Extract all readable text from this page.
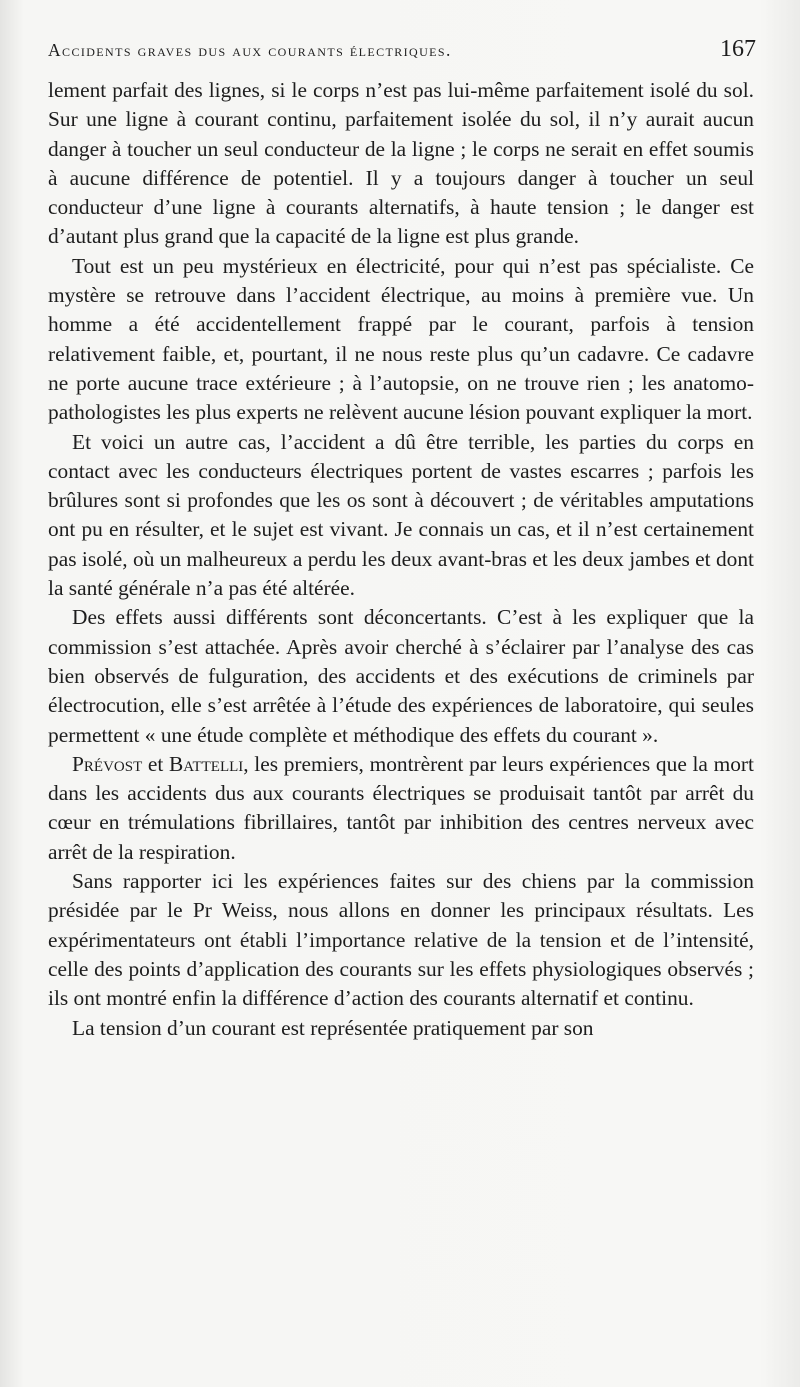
Accidents graves dus aux courants électriques.	167

lement parfait des lignes, si le corps n’est pas lui-même parfaitement isolé du sol. Sur une ligne à courant continu, parfaitement isolée du sol, il n’y aurait aucun danger à toucher un seul conducteur de la ligne ; le corps ne serait en effet soumis à aucune différence de potentiel. Il y a toujours danger à toucher un seul conducteur d’une ligne à courants alternatifs, à haute tension ; le danger est d’autant plus grand que la capacité de la ligne est plus grande.

Tout est un peu mystérieux en électricité, pour qui n’est pas spécialiste. Ce mystère se retrouve dans l’accident électrique, au moins à première vue. Un homme a été accidentellement frappé par le courant, parfois à tension relativement faible, et, pourtant, il ne nous reste plus qu’un cadavre. Ce cadavre ne porte aucune trace extérieure ; à l’autopsie, on ne trouve rien ; les anatomo-pathologistes les plus experts ne relèvent aucune lésion pouvant expliquer la mort.

Et voici un autre cas, l’accident a dû être terrible, les parties du corps en contact avec les conducteurs électriques portent de vastes escarres ; parfois les brûlures sont si profondes que les os sont à découvert ; de véritables amputations ont pu en résulter, et le sujet est vivant. Je connais un cas, et il n’est certainement pas isolé, où un malheureux a perdu les deux avant-bras et les deux jambes et dont la santé générale n’a pas été altérée.

Des effets aussi différents sont déconcertants. C’est à les expliquer que la commission s’est attachée. Après avoir cherché à s’éclairer par l’analyse des cas bien observés de fulguration, des accidents et des exécutions de criminels par électrocution, elle s’est arrêtée à l’étude des expériences de laboratoire, qui seules permettent « une étude complète et méthodique des effets du courant ».

Prévost et Battelli, les premiers, montrèrent par leurs expériences que la mort dans les accidents dus aux courants électriques se produisait tantôt par arrêt du cœur en trémulations fibrillaires, tantôt par inhibition des centres nerveux avec arrêt de la respiration.

Sans rapporter ici les expériences faites sur des chiens par la commission présidée par le Pr Weiss, nous allons en donner les principaux résultats. Les expérimentateurs ont établi l’importance relative de la tension et de l’intensité, celle des points d’application des courants sur les effets physiologiques observés ; ils ont montré enfin la différence d’action des courants alternatif et continu.

La tension d’un courant est représentée pratiquement par son
